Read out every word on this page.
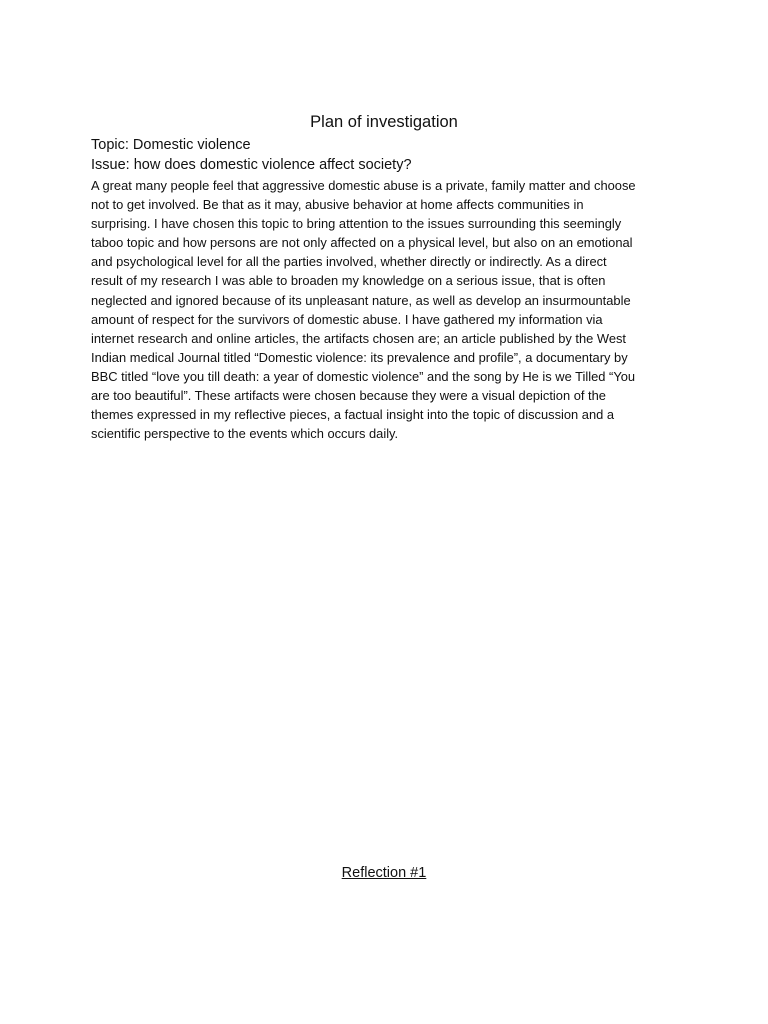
Plan of investigation
Topic: Domestic violence
Issue: how does domestic violence affect society?
A great many people feel that aggressive domestic abuse is a private, family matter and choose
not to get involved. Be that as it may, abusive behavior at home affects communities in
surprising. I have chosen this topic to bring attention to the issues surrounding this seemingly
taboo topic and how persons are not only affected on a physical level, but also on an emotional
and psychological level for all the parties involved, whether directly or indirectly. As a direct
result of my research I was able to broaden my knowledge on a serious issue, that is often
neglected and ignored because of its unpleasant nature, as well as develop an insurmountable
amount of respect for the survivors of domestic abuse. I have gathered my information via
internet research and online articles, the artifacts chosen are; an article published by the West
Indian medical Journal titled “Domestic violence: its prevalence and profile”, a documentary by
BBC titled “love you till death: a year of domestic violence” and the song by He is we Tilled “You
are too beautiful”. These artifacts were chosen because they were a visual depiction of the
themes expressed in my reflective pieces, a factual insight into the topic of discussion and a
scientific perspective to the events which occurs daily.
Reflection #1
